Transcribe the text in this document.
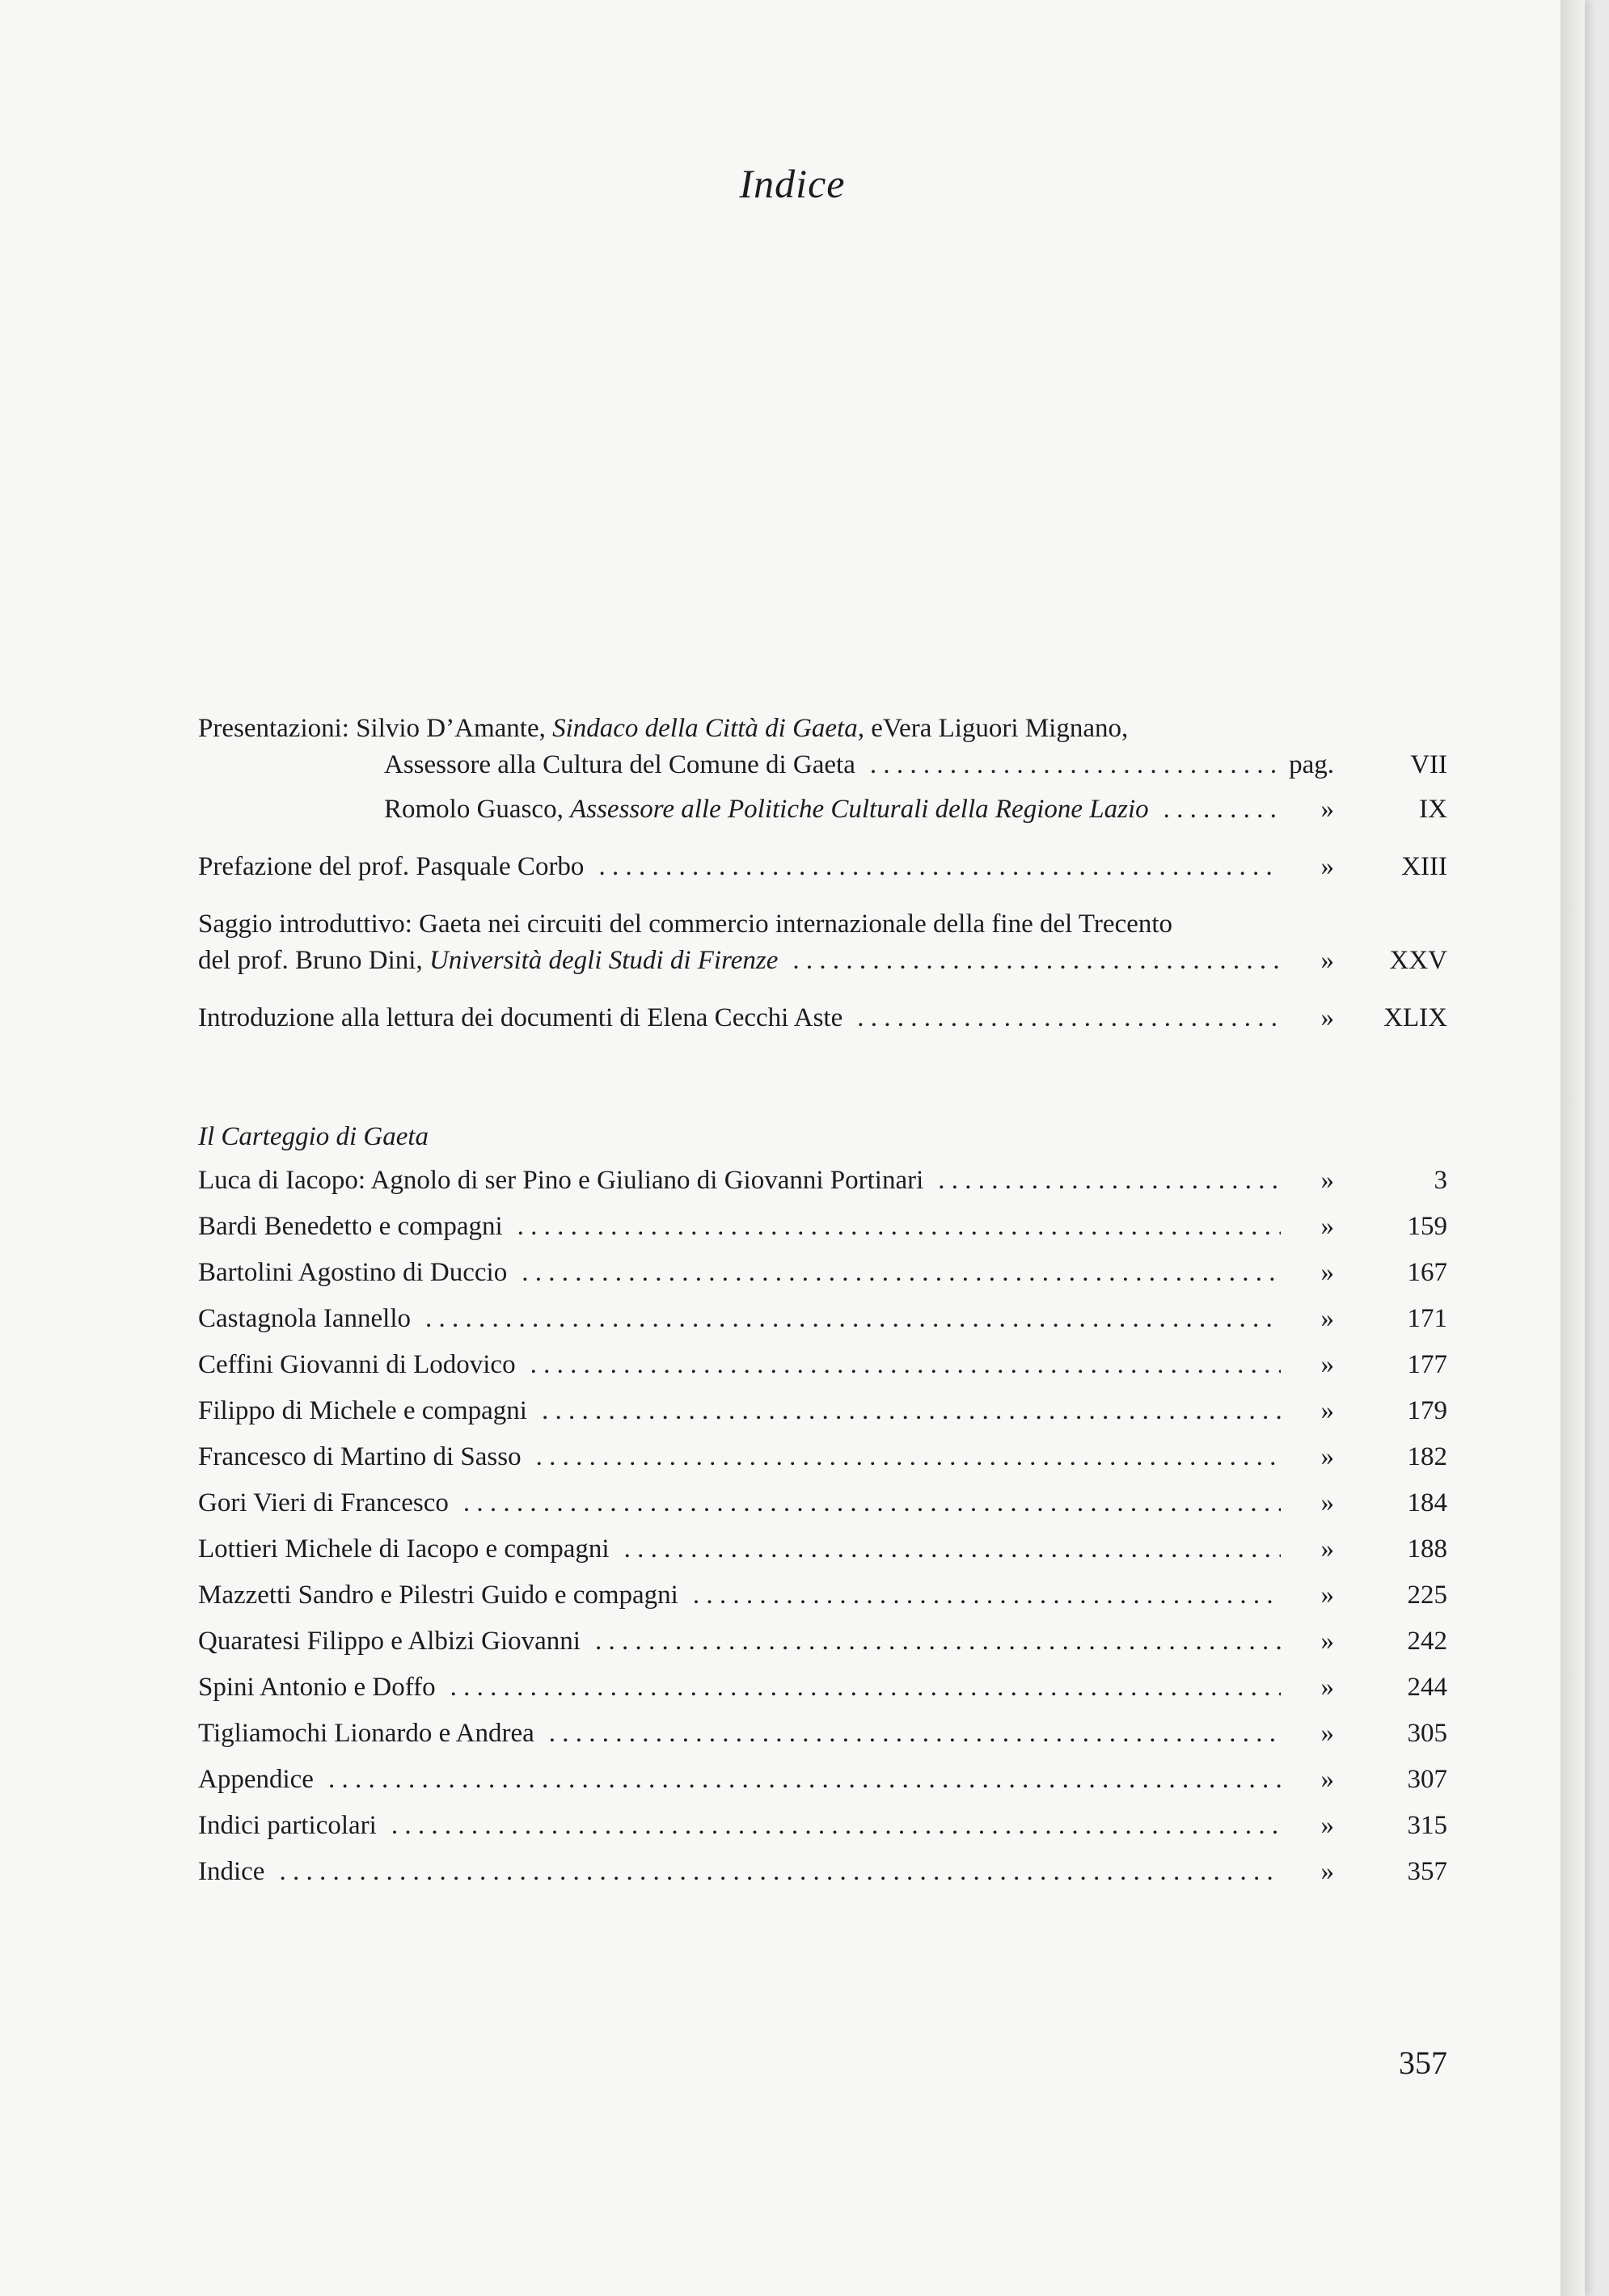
Indice
Presentazioni: Silvio D’Amante, Sindaco della Città di Gaeta, eVera Liguori Mignano,
Assessore alla Cultura del Comune di Gaeta . . .	pag.	VII
Romolo Guasco, Assessore alle Politiche Culturali della Regione Lazio . . .	»	IX
Prefazione del prof. Pasquale Corbo . . .	»	XIII
Saggio introduttivo: Gaeta nei circuiti del commercio internazionale della fine del Trecento
del prof. Bruno Dini, Università degli Studi di Firenze . . .	»	XXV
Introduzione alla lettura dei documenti di Elena Cecchi Aste . . .	»	XLIX
Il Carteggio di Gaeta
Luca di Iacopo: Agnolo di ser Pino e Giuliano di Giovanni Portinari . . .	»	3
Bardi Benedetto e compagni . . .	»	159
Bartolini Agostino di Duccio . . .	»	167
Castagnola Iannello . . .	»	171
Ceffini Giovanni di Lodovico . . .	»	177
Filippo di Michele e compagni . . .	»	179
Francesco di Martino di Sasso . . .	»	182
Gori Vieri di Francesco . . .	»	184
Lottieri Michele di Iacopo e compagni . . .	»	188
Mazzetti Sandro e Pilestri Guido e compagni . . .	»	225
Quaratesi Filippo e Albizi Giovanni . . .	»	242
Spini Antonio e Doffo . . .	»	244
Tigliamochi Lionardo e Andrea . . .	»	305
Appendice . . .	»	307
Indici particolari . . .	»	315
Indice . . .	»	357
357
